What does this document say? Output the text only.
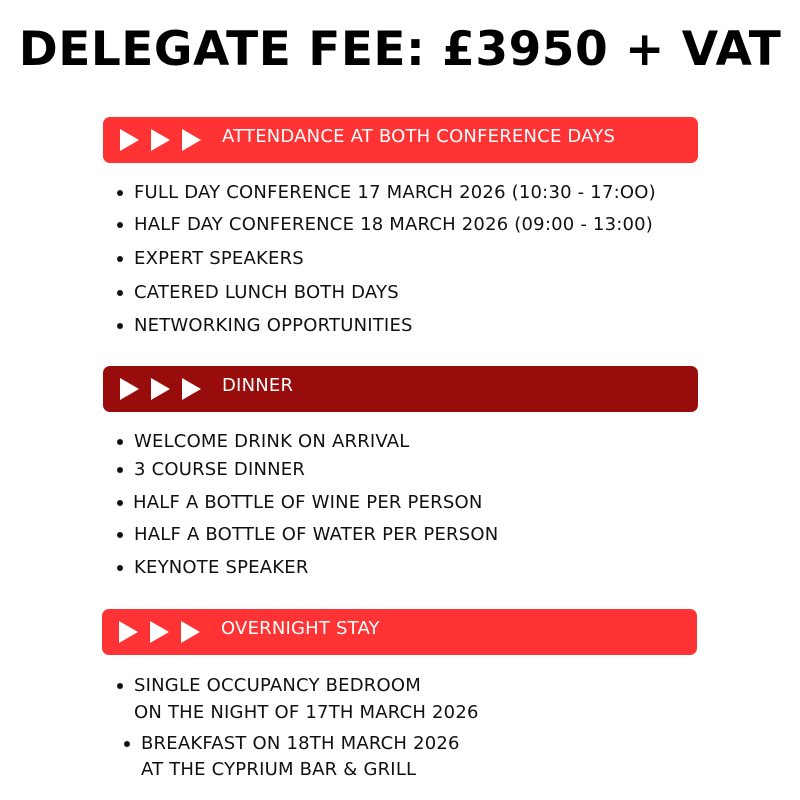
DELEGATE FEE: £3950 + VAT
ATTENDANCE AT BOTH CONFERENCE DAYS
FULL DAY CONFERENCE 17 MARCH 2026 (10:30 - 17:OO)
HALF DAY CONFERENCE 18 MARCH 2026 (09:00 - 13:00)
EXPERT SPEAKERS
CATERED LUNCH BOTH DAYS
NETWORKING OPPORTUNITIES
DINNER
WELCOME DRINK ON ARRIVAL
3 COURSE DINNER
HALF A BOTTLE OF WINE PER PERSON
HALF A BOTTLE OF WATER PER PERSON
KEYNOTE SPEAKER
OVERNIGHT STAY
SINGLE OCCUPANCY BEDROOM
ON THE NIGHT OF 17TH MARCH 2026
BREAKFAST ON 18TH MARCH 2026
AT THE CYPRIUM BAR & GRILL
